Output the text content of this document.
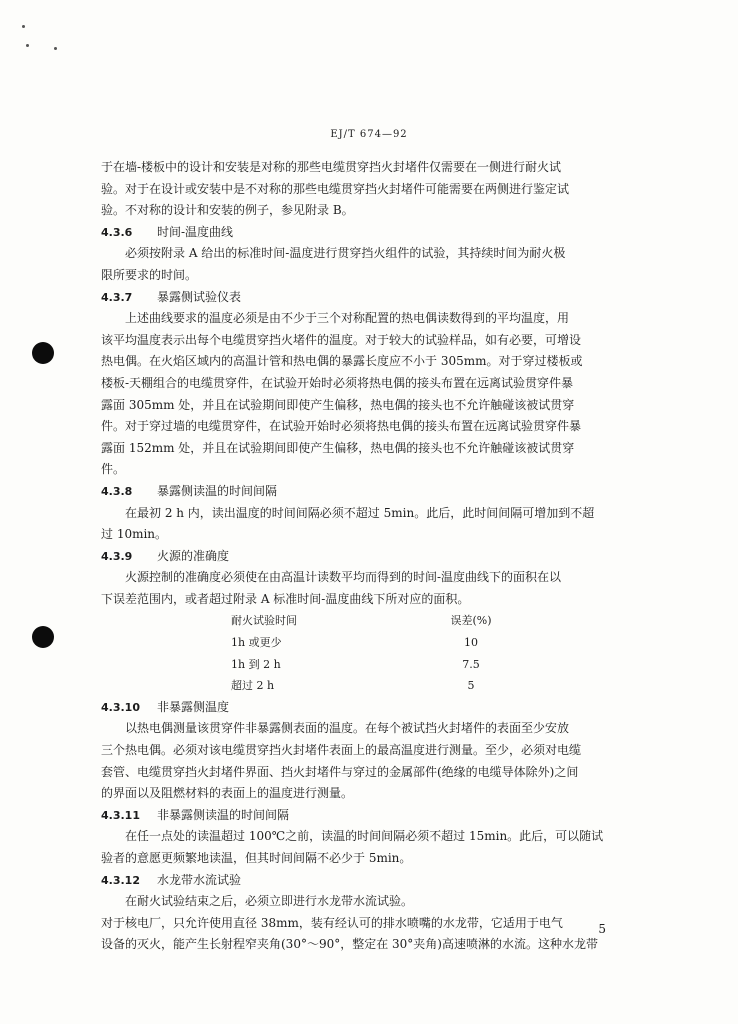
EJ/T 674—92

于在墙-楼板中的设计和安装是对称的那些电缆贯穿挡火封堵件仅需要在一侧进行耐火试
验。对于在设计或安装中是不对称的那些电缆贯穿挡火封堵件可能需要在两侧进行鉴定试
验。不对称的设计和安装的例子，参见附录 B。

4.3.6 时间-温度曲线

必须按附录 A 给出的标准时间-温度进行贯穿挡火组件的试验，其持续时间为耐火极
限所要求的时间。

4.3.7 暴露侧试验仪表

上述曲线要求的温度必须是由不少于三个对称配置的热电偶读数得到的平均温度，用
该平均温度表示出每个电缆贯穿挡火堵件的温度。对于较大的试验样品，如有必要，可增设
热电偶。在火焰区域内的高温计管和热电偶的暴露长度应不小于 305mm。对于穿过楼板或
楼板-天棚组合的电缆贯穿件，在试验开始时必须将热电偶的接头布置在远离试验贯穿件暴
露面 305mm 处，并且在试验期间即使产生偏移，热电偶的接头也不允许触碰该被试贯穿
件。对于穿过墙的电缆贯穿件，在试验开始时必须将热电偶的接头布置在远离试验贯穿件暴
露面 152mm 处，并且在试验期间即使产生偏移，热电偶的接头也不允许触碰该被试贯穿
件。

4.3.8 暴露侧读温的时间间隔

在最初 2 h 内，读出温度的时间间隔必须不超过 5min。此后，此时间间隔可增加到不超
过 10min。

4.3.9 火源的准确度

火源控制的准确度必须使在由高温计读数平均而得到的时间-温度曲线下的面积在以
下误差范围内，或者超过附录 A 标准时间-温度曲线下所对应的面积。

耐火试验时间	误差(%)
1h 或更少	10
1h 到 2 h	7.5
超过 2 h	5
4.3.10 非暴露侧温度

以热电偶测量该贯穿件非暴露侧表面的温度。在每个被试挡火封堵件的表面至少安放
三个热电偶。必须对该电缆贯穿挡火封堵件表面上的最高温度进行测量。至少，必须对电缆
套管、电缆贯穿挡火封堵件界面、挡火封堵件与穿过的金属部件(绝缘的电缆导体除外)之间
的界面以及阻燃材料的表面上的温度进行测量。

4.3.11 非暴露侧读温的时间间隔

在任一点处的读温超过 100℃之前，读温的时间间隔必须不超过 15min。此后，可以随试
验者的意愿更频繁地读温，但其时间间隔不必少于 5min。

4.3.12 水龙带水流试验

在耐火试验结束之后，必须立即进行水龙带水流试验。
对于核电厂，只允许使用直径 38mm，装有经认可的排水喷嘴的水龙带，它适用于电气
设备的灭火，能产生长射程窄夹角(30°～90°，整定在 30°夹角)高速喷淋的水流。这种水龙带

5
